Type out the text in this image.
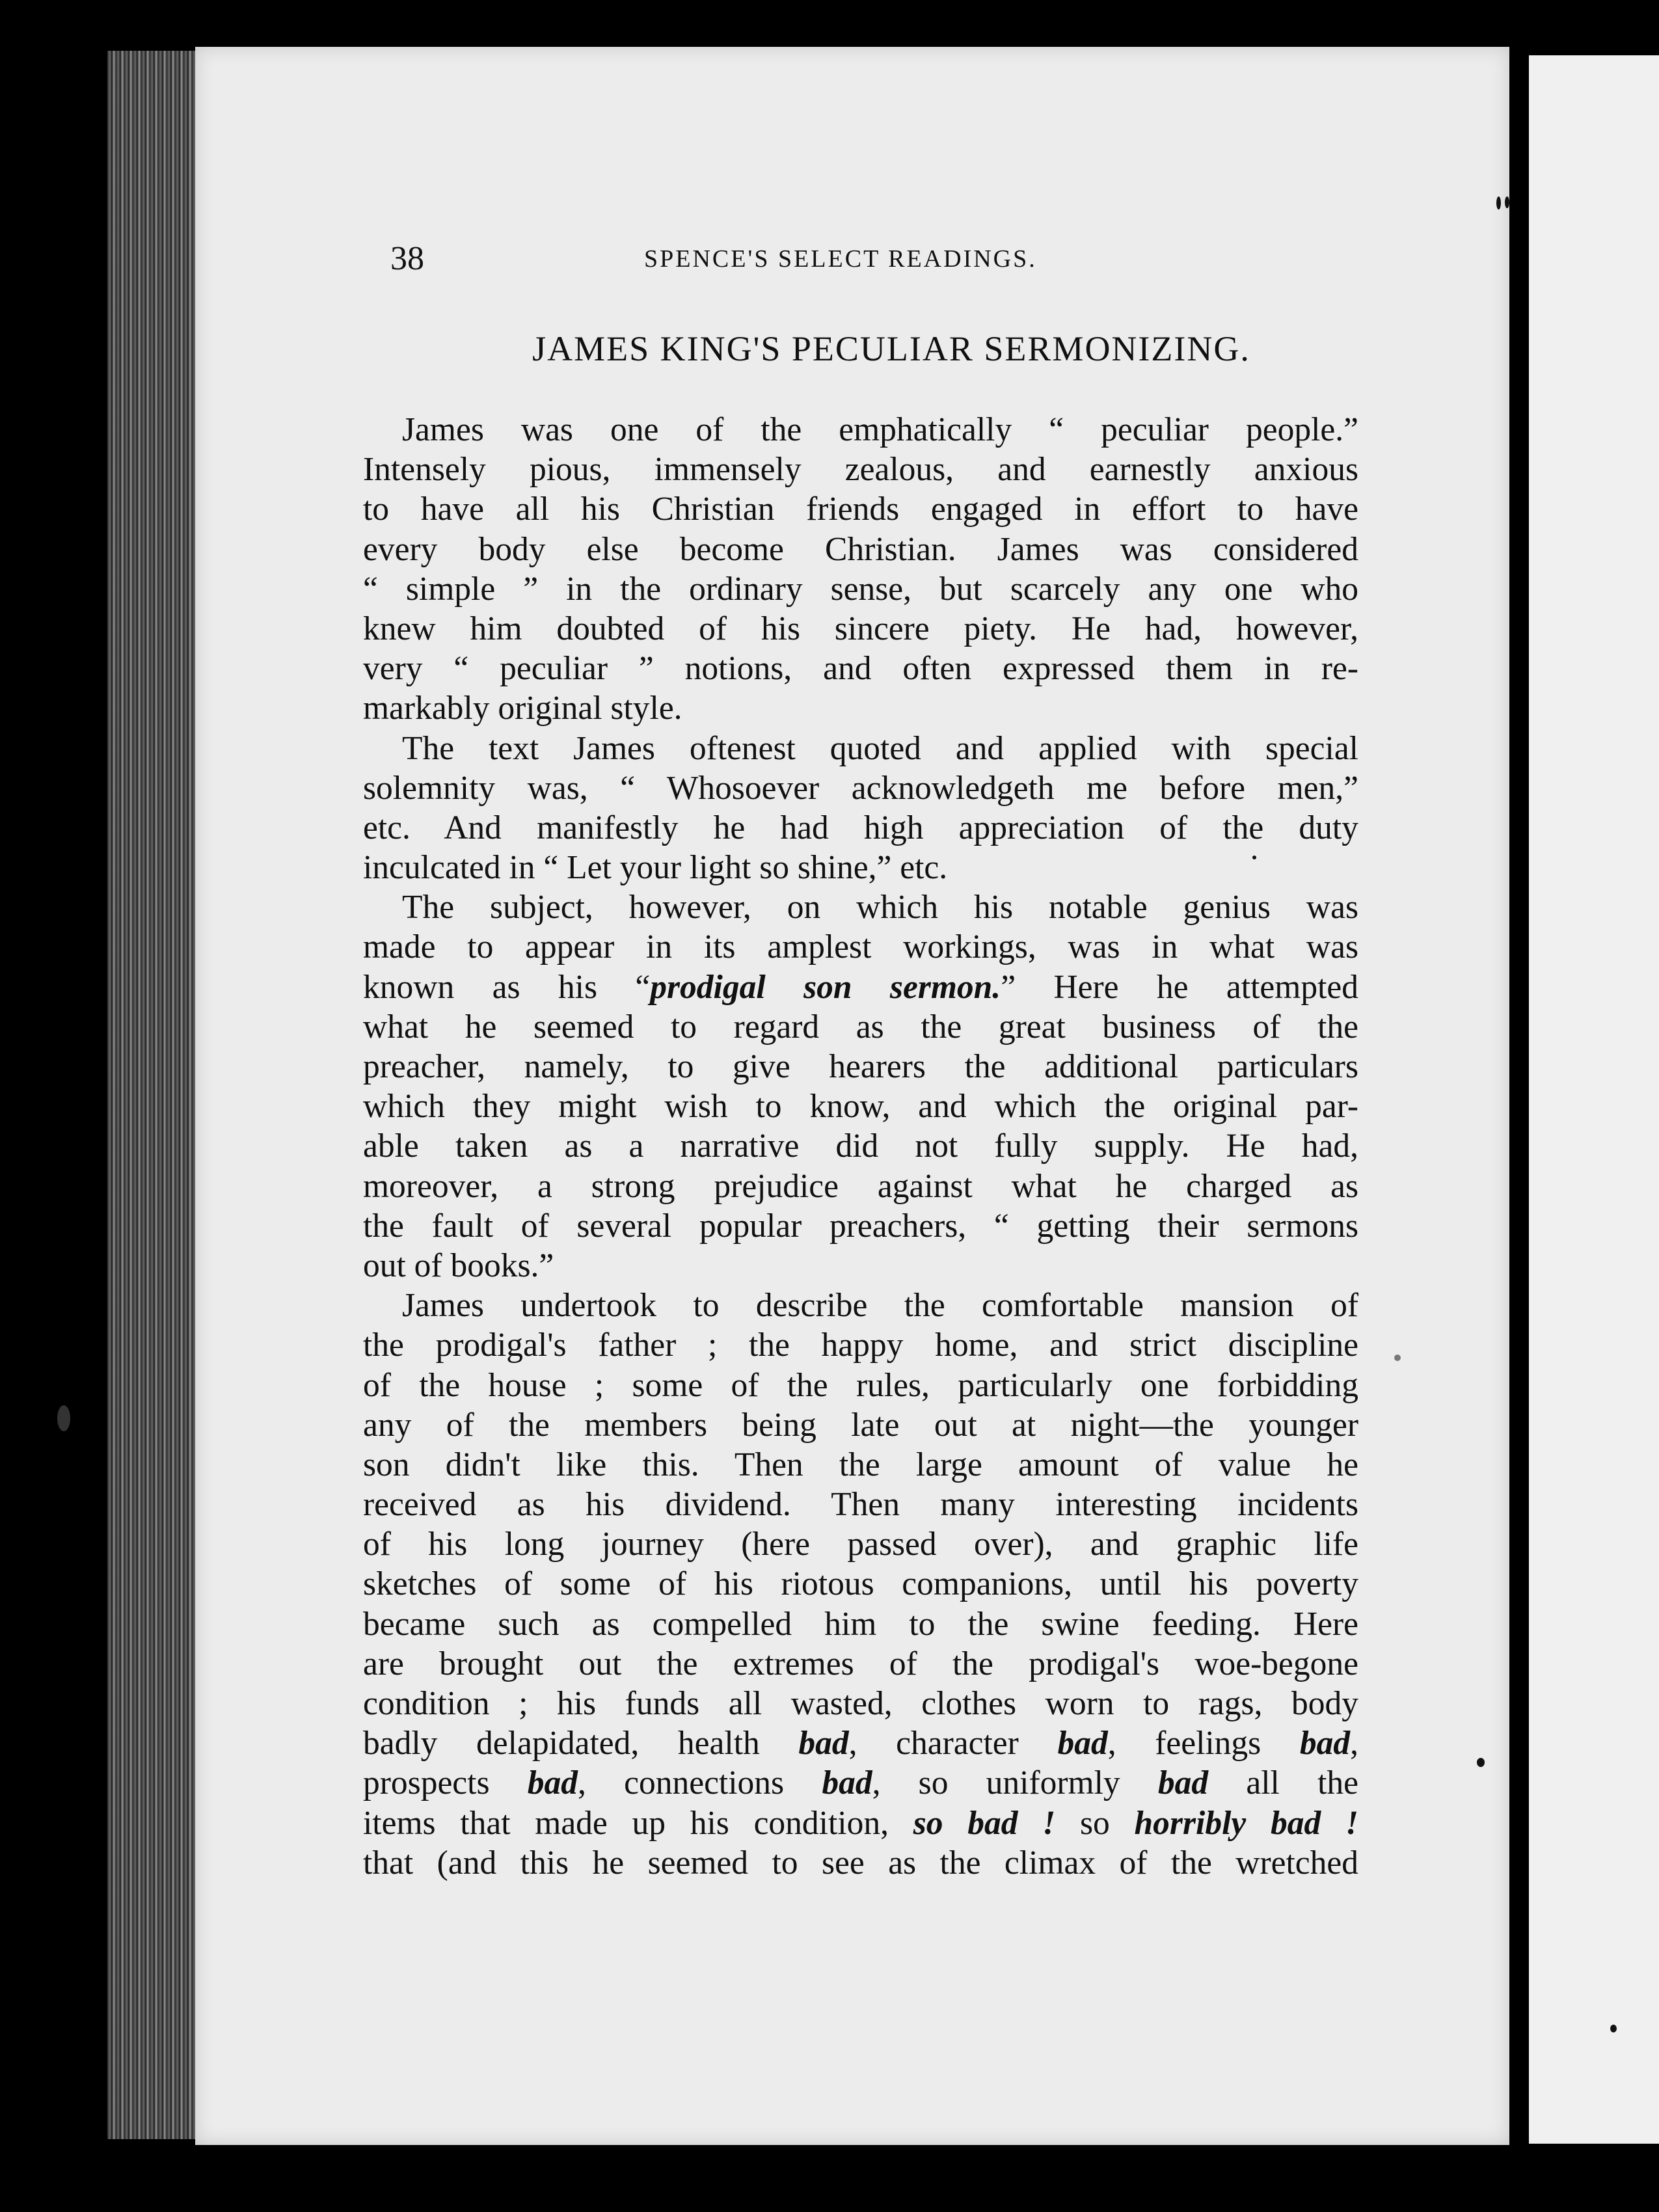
38	SPENCE'S SELECT READINGS.
JAMES KING'S PECULIAR SERMONIZING.
James was one of the emphatically “ peculiar people.”
Intensely pious, immensely zealous, and earnestly anxious
to have all his Christian friends engaged in effort to have
every body else become Christian. James was considered
“ simple ” in the ordinary sense, but scarcely any one who
knew him doubted of his sincere piety. He had, however,
very “ peculiar ” notions, and often expressed them in re-
markably original style.
The text James oftenest quoted and applied with special
solemnity was, “ Whosoever acknowledgeth me before men,”
etc. And manifestly he had high appreciation of the duty
inculcated in “ Let your light so shine,” etc.
The subject, however, on which his notable genius was
made to appear in its amplest workings, was in what was
known as his “prodigal son sermon.” Here he attempted
what he seemed to regard as the great business of the
preacher, namely, to give hearers the additional particulars
which they might wish to know, and which the original par-
able taken as a narrative did not fully supply. He had,
moreover, a strong prejudice against what he charged as
the fault of several popular preachers, “ getting their sermons
out of books.”
James undertook to describe the comfortable mansion of
the prodigal's father ; the happy home, and strict discipline
of the house ; some of the rules, particularly one forbidding
any of the members being late out at night—the younger
son didn't like this. Then the large amount of value he
received as his dividend. Then many interesting incidents
of his long journey (here passed over), and graphic life
sketches of some of his riotous companions, until his poverty
became such as compelled him to the swine feeding. Here
are brought out the extremes of the prodigal's woe-begone
condition ; his funds all wasted, clothes worn to rags, body
badly delapidated, health bad, character bad, feelings bad,
prospects bad, connections bad, so uniformly bad all the
items that made up his condition, so bad ! so horribly bad !
that (and this he seemed to see as the climax of the wretched
